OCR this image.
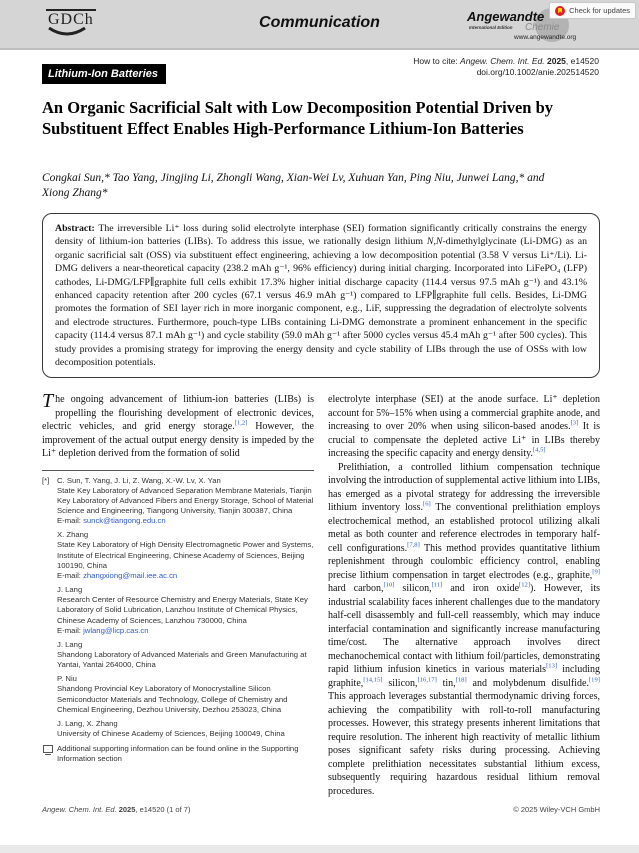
GDCh	Communication	Angewandte
International Edition Chemie
www.angewandte.org
Check for updates
How to cite: Angew. Chem. Int. Ed. 2025, e14520
doi.org/10.1002/anie.202514520
Lithium-Ion Batteries
An Organic Sacrificial Salt with Low Decomposition Potential Driven by Substituent Effect Enables High-Performance Lithium-Ion Batteries
Congkai Sun,* Tao Yang, Jingjing Li, Zhongli Wang, Xian-Wei Lv, Xuhuan Yan, Ping Niu, Junwei Lang,* and Xiong Zhang*
Abstract: The irreversible Li⁺ loss during solid electrolyte interphase (SEI) formation significantly critically constrains the energy density of lithium-ion batteries (LIBs). To address this issue, we rationally design lithium N,N-dimethylglycinate (Li-DMG) as an organic sacrificial salt (OSS) via substituent effect engineering, achieving a low decomposition potential (3.58 V versus Li⁺/Li). Li-DMG delivers a near-theoretical capacity (238.2 mAh g⁻¹, 96% efficiency) during initial charging. Incorporated into LiFePO₄ (LFP) cathodes, Li-DMG/LFP∥graphite full cells exhibit 17.3% higher initial discharge capacity (114.4 versus 97.5 mAh g⁻¹) and 43.1% enhanced capacity retention after 200 cycles (67.1 versus 46.9 mAh g⁻¹) compared to LFP∥graphite full cells. Besides, Li-DMG promotes the formation of SEI layer rich in more inorganic component, e.g., LiF, suppressing the degradation of electrolyte solvents and electrode structures. Furthermore, pouch-type LIBs containing Li-DMG demonstrate a prominent enhancement in the specific capacity (114.4 versus 87.1 mAh g⁻¹) and cycle stability (59.0 mAh g⁻¹ after 5000 cycles versus 45.4 mAh g⁻¹ after 500 cycles). This study provides a promising strategy for improving the energy density and cycle stability of LIBs through the use of OSSs with low decomposition potentials.

The ongoing advancement of lithium-ion batteries (LIBs) is propelling the flourishing development of electronic devices, electric vehicles, and grid energy storage.[1,2] However, the improvement of the actual output energy density is impeded by the Li⁺ depletion derived from the formation of solid

[*] C. Sun, T. Yang, J. Li, Z. Wang, X.-W. Lv, X. Yan
State Key Laboratory of Advanced Separation Membrane Materials, Tianjin Key Laboratory of Advanced Fibers and Energy Storage, School of Material Science and Engineering, Tiangong University, Tianjin 300387, China
E-mail: sunck@tiangong.edu.cn
X. Zhang
State Key Laboratory of High Density Electromagnetic Power and Systems, Institute of Electrical Engineering, Chinese Academy of Sciences, Beijing 100190, China
E-mail: zhangxiong@mail.iee.ac.cn
J. Lang
Research Center of Resource Chemistry and Energy Materials, State Key Laboratory of Solid Lubrication, Lanzhou Institute of Chemical Physics, Chinese Academy of Sciences, Lanzhou 730000, China
E-mail: jwlang@licp.cas.cn
J. Lang
Shandong Laboratory of Advanced Materials and Green Manufacturing at Yantai, Yantai 264000, China
P. Niu
Shandong Provincial Key Laboratory of Monocrystalline Silicon Semiconductor Materials and Technology, College of Chemistry and Chemical Engineering, Dezhou University, Dezhou 253023, China
J. Lang, X. Zhang
University of Chinese Academy of Sciences, Beijing 100049, China
Additional supporting information can be found online in the Supporting Information section

electrolyte interphase (SEI) at the anode surface. Li⁺ depletion account for 5%–15% when using a commercial graphite anode, and increasing to over 20% when using silicon-based anodes.[3] It is crucial to compensate the depleted active Li⁺ in LIBs thereby increasing the specific capacity and energy density.[4,5]

Prelithiation, a controlled lithium compensation technique involving the introduction of supplemental active lithium into LIBs, has emerged as a pivotal strategy for addressing the irreversible lithium inventory loss.[6] The conventional prelithiation employs electrochemical method, an established protocol utilizing alkali metal as both counter and reference electrodes in temporary half-cell configurations.[7,8] This method provides quantitative lithium replenishment through coulombic efficiency control, enabling precise lithium compensation in target electrodes (e.g., graphite,[9] hard carbon,[10] silicon,[11] and iron oxide[12]). However, its industrial scalability faces inherent challenges due to the mandatory half-cell disassembly and full-cell reassembly, which may induce interfacial contamination and significantly increase manufacturing time/cost. The alternative approach involves direct mechanochemical contact with lithium foil/particles, demonstrating rapid lithium infusion kinetics in various materials[13] including graphite,[14,15] silicon,[16,17] tin,[18] and molybdenum disulfide.[19] This approach leverages substantial thermodynamic driving forces, achieving the compatibility with roll-to-roll manufacturing processes. However, this strategy presents inherent limitations that require resolution. The inherent high reactivity of metallic lithium poses significant safety risks during processing. Achieving complete prelithiation necessitates substantial lithium excess, subsequently requiring hazardous residual lithium removal procedures.

Angew. Chem. Int. Ed. 2025, e14520 (1 of 7)	© 2025 Wiley-VCH GmbH
